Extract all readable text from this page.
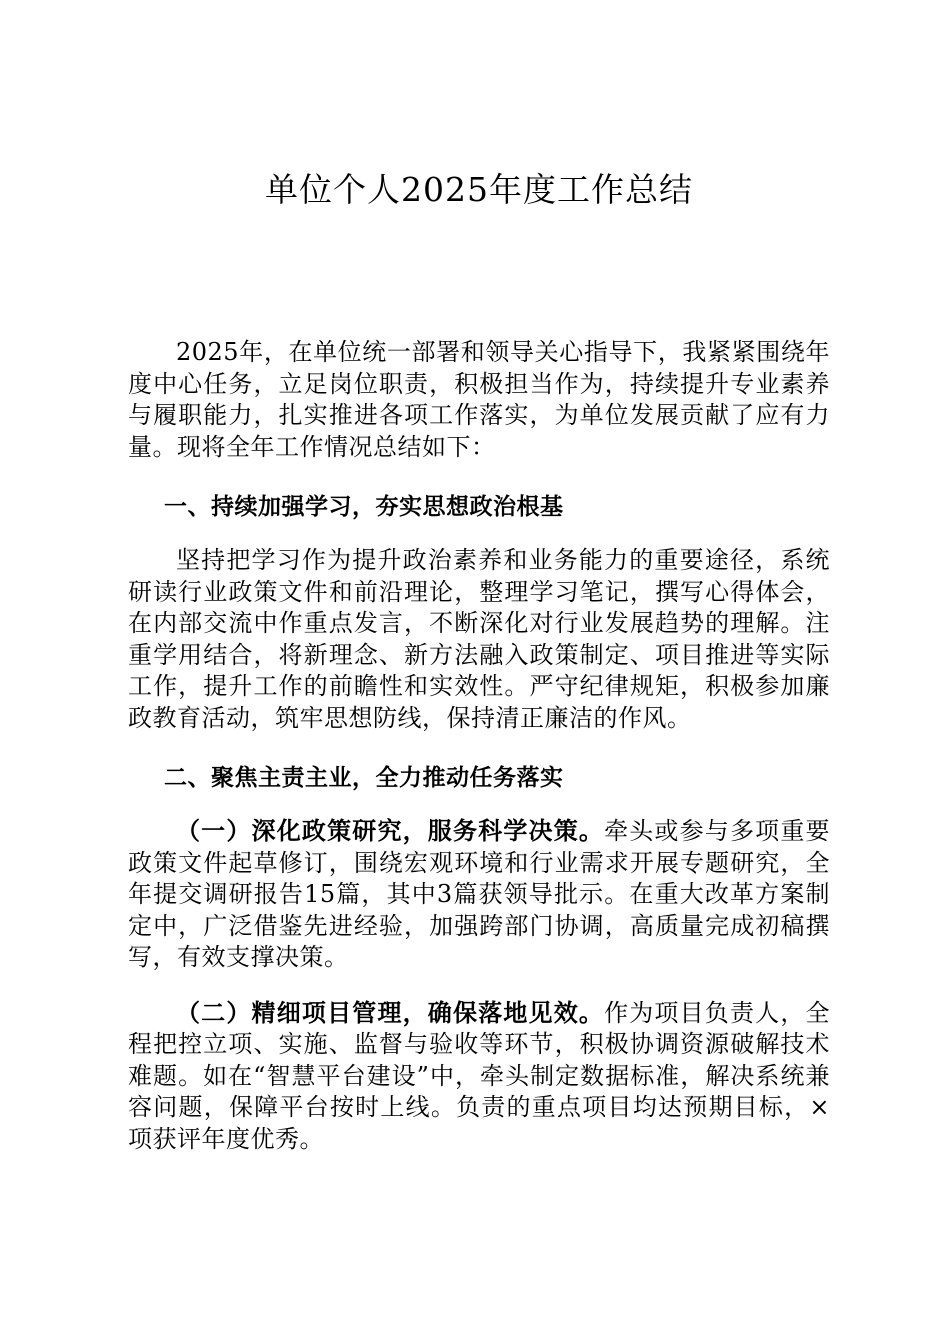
单位个人2025年度工作总结

2025年，在单位统一部署和领导关心指导下，我紧紧围绕年度中心任务，立足岗位职责，积极担当作为，持续提升专业素养与履职能力，扎实推进各项工作落实，为单位发展贡献了应有力量。现将全年工作情况总结如下：

一、持续加强学习，夯实思想政治根基

坚持把学习作为提升政治素养和业务能力的重要途径，系统研读行业政策文件和前沿理论，整理学习笔记，撰写心得体会，在内部交流中作重点发言，不断深化对行业发展趋势的理解。注重学用结合，将新理念、新方法融入政策制定、项目推进等实际工作，提升工作的前瞻性和实效性。严守纪律规矩，积极参加廉政教育活动，筑牢思想防线，保持清正廉洁的作风。

二、聚焦主责主业，全力推动任务落实

（一）深化政策研究，服务科学决策。牵头或参与多项重要政策文件起草修订，围绕宏观环境和行业需求开展专题研究，全年提交调研报告15篇，其中3篇获领导批示。在重大改革方案制定中，广泛借鉴先进经验，加强跨部门协调，高质量完成初稿撰写，有效支撑决策。

（二）精细项目管理，确保落地见效。作为项目负责人，全程把控立项、实施、监督与验收等环节，积极协调资源破解技术难题。如在“智慧平台建设”中，牵头制定数据标准，解决系统兼容问题，保障平台按时上线。负责的重点项目均达预期目标，×项获评年度优秀。
